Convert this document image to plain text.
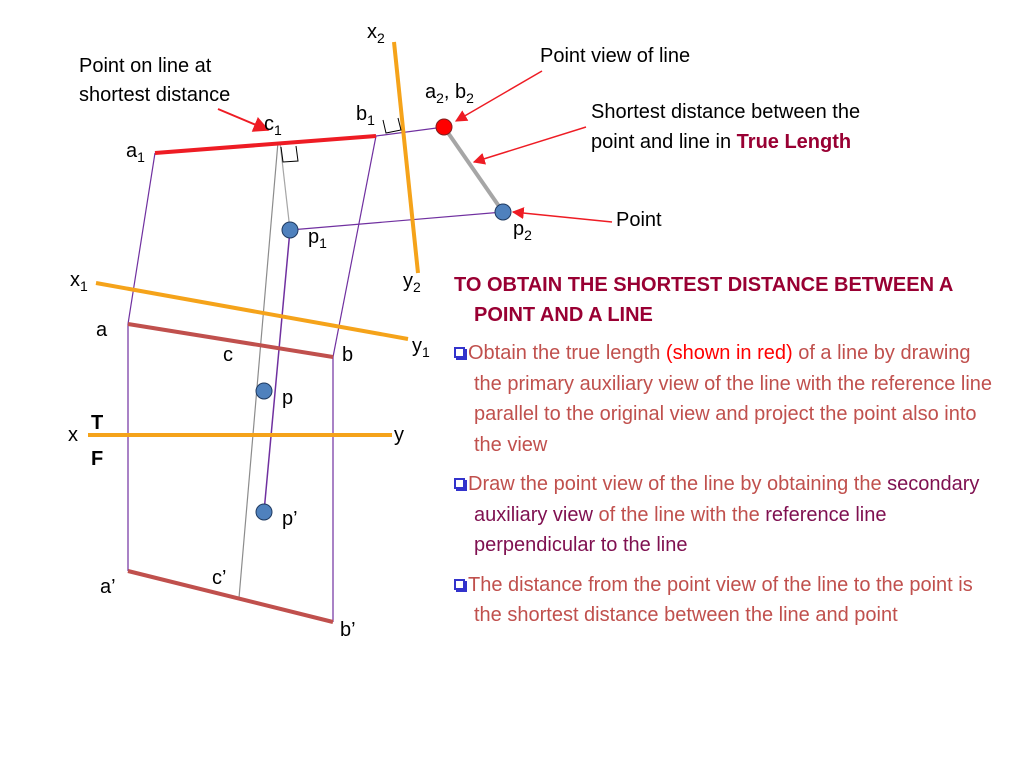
$x_2$
$y_2$
$x_1$
$y_1$
$a_1$
$b_1$
$c_1$
$a_2$, $b_2$
$p_1$
$p_2$
a
b
c
p
x	y
T
F
a’
b’
c’
p’
Point on line at shortest distance
Point view of line
Shortest distance between the point and line in True Length
Point
TO OBTAIN THE SHORTEST DISTANCE BETWEEN A POINT AND A LINE

Obtain the true length (shown in red) of a line by drawing the primary auxiliary view of the line with the reference line parallel to the original view and project the point also into the view

Draw the point view of the line by obtaining the secondary auxiliary view of the line with the reference line perpendicular to the line

The distance from the point view of the line to the point is the shortest distance between the line and point
